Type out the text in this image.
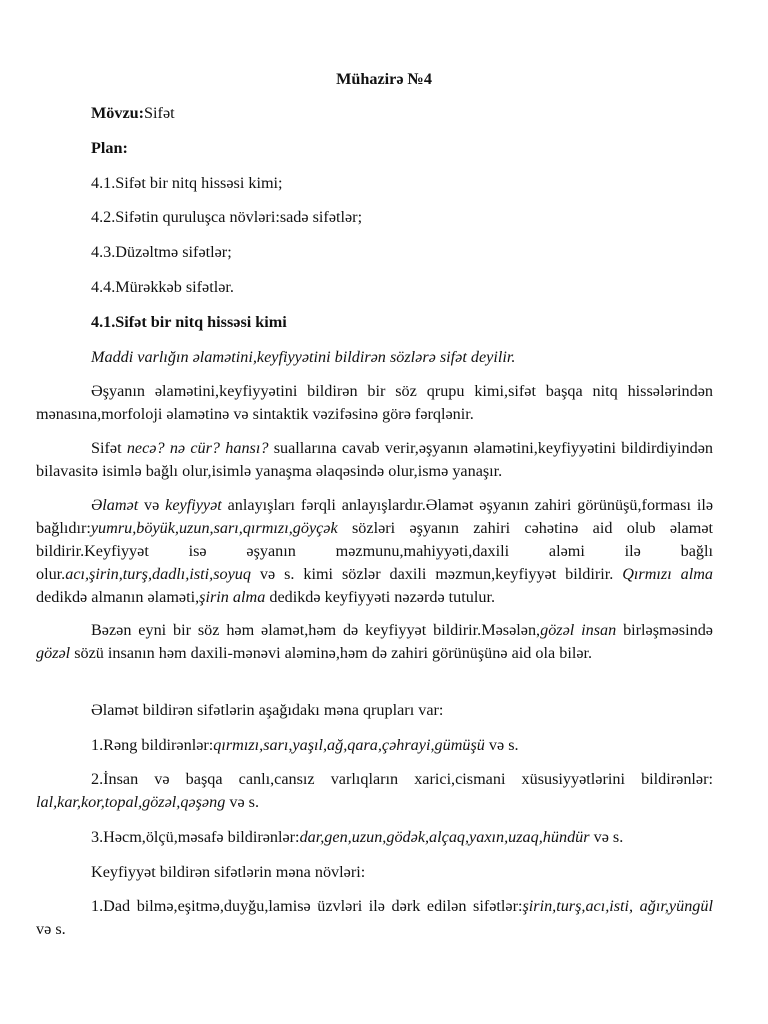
Mühazirə №4

Mövzu:Sifət

Plan:

4.1.Sifət bir nitq hissəsi kimi;

4.2.Sifətin quruluşca növləri:sadə sifətlər;

4.3.Düzəltmə sifətlər;

4.4.Mürəkkəb sifətlər.

4.1.Sifət bir nitq hissəsi kimi

Maddi varlığın əlamətini,keyfiyyətini bildirən sözlərə sifət deyilir.

Əşyanın əlamətini,keyfiyyətini bildirən bir söz qrupu kimi,sifət başqa nitq hissələrindən mənasına,morfoloji əlamətinə və sintaktik vəzifəsinə görə fərqlənir.

Sifət necə? nə cür? hansı? suallarına cavab verir,əşyanın əlamətini,keyfiyyətini bildirdiyindən bilavasitə isimlə bağlı olur,isimlə yanaşma əlaqəsində olur,ismə yanaşır.

Əlamət və keyfiyyət anlayışları fərqli anlayışlardır.Əlamət əşyanın zahiri görünüşü,forması ilə bağlıdır:yumru,böyük,uzun,sarı,qırmızı,göyçək sözləri əşyanın zahiri cəhətinə aid olub əlamət bildirir.Keyfiyyət isə əşyanın məzmunu,mahiyyəti,daxili aləmi ilə bağlı olur.acı,şirin,turş,dadlı,isti,soyuq və s. kimi sözlər daxili məzmun,keyfiyyət bildirir. Qırmızı alma dedikdə almanın əlaməti,şirin alma dedikdə keyfiyyəti nəzərdə tutulur.

Bəzən eyni bir söz həm əlamət,həm də keyfiyyət bildirir.Məsələn,gözəl insan birləşməsində gözəl sözü insanın həm daxili-mənəvi aləminə,həm də zahiri görünüşünə aid ola bilər.

Əlamət bildirən sifətlərin aşağıdakı məna qrupları var:

1.Rəng bildirənlər:qırmızı,sarı,yaşıl,ağ,qara,çəhrayi,gümüşü və s.

2.İnsan və başqa canlı,cansız varlıqların xarici,cismani xüsusiyyətlərini bildirənlər: lal,kar,kor,topal,gözəl,qəşəng və s.

3.Həcm,ölçü,məsafə bildirənlər:dar,gen,uzun,gödək,alçaq,yaxın,uzaq,hündür və s.

Keyfiyyət bildirən sifətlərin məna növləri:

1.Dad bilmə,eşitmə,duyğu,lamisə üzvləri ilə dərk edilən sifətlər:şirin,turş,acı,isti, ağır,yüngül və s.
